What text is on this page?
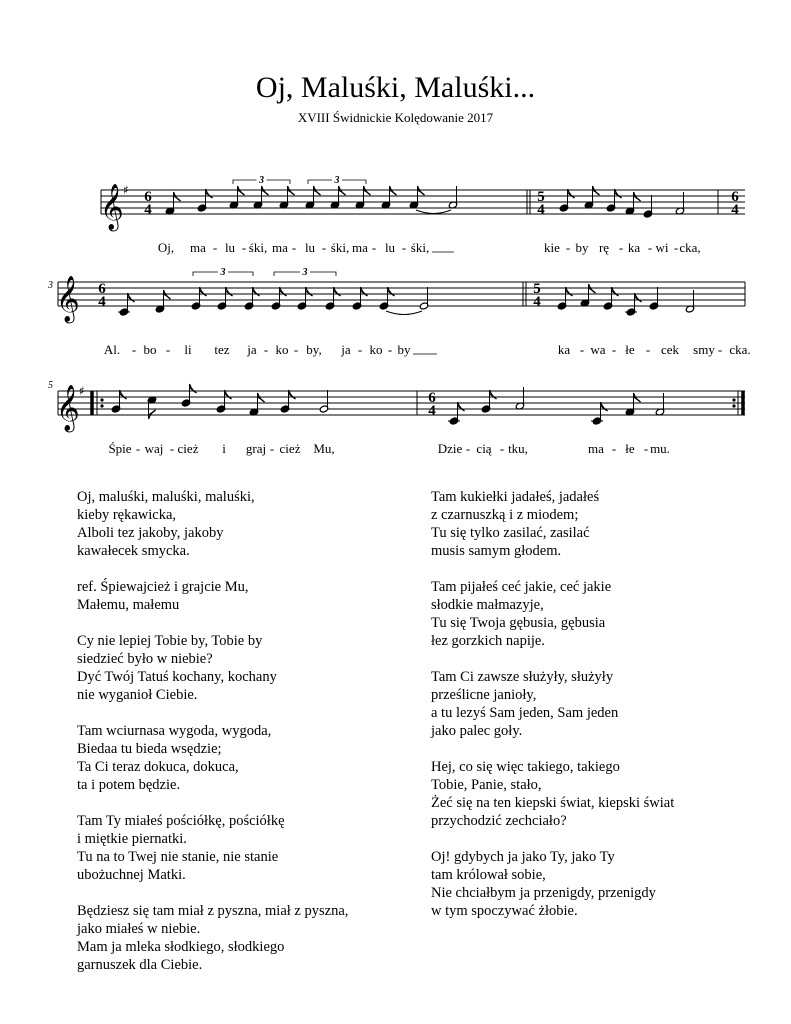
Oj, Maluśki, Maluśki...
XVIII Świdnickie Kolędowanie 2017
𝄞 ♯ 6
4
3	3
5
4
6
4
3 𝄞 6
4
3	3
5
4
5 𝄞 ♯	6
4
Oj, ma - lu - śki, ma - lu - śki, ma - lu - śki,	kie - by rę - ka - wi - cka,
Al. - bo - li tez ja - ko - by, ja - ko - by	ka - wa - łe - cek smy - cka.
Śpie - waj - cież i graj - cież Mu,	Dzie - cią - tku,	ma - łe - mu.
Oj, maluśki, maluśki, maluśki,
kieby rękawicka,
Alboli tez jakoby, jakoby
kawałecek smycka.
ref. Śpiewajcież i grajcie Mu,
Małemu, małemu
Cy nie lepiej Tobie by, Tobie by
siedzieć było w niebie?
Dyć Twój Tatuś kochany, kochany
nie wyganioł Ciebie.
Tam wciurnasa wygoda, wygoda,
Biedaa tu bieda wsędzie;
Ta Ci teraz dokuca, dokuca,
ta i potem będzie.
Tam Ty miałeś pościółkę, pościółkę
i miętkie piernatki.
Tu na to Twej nie stanie, nie stanie
ubożuchnej Matki.
Będziesz się tam miał z pyszna, miał z pyszna,
jako miałeś w niebie.
Mam ja mleka słodkiego, słodkiego
garnuszek dla Ciebie.
Tam kukiełki jadałeś, jadałeś
z czarnuszką i z miodem;
Tu się tylko zasilać, zasilać
musis samym głodem.
Tam pijałeś ceć jakie, ceć jakie
słodkie małmazyje,
Tu się Twoja gębusia, gębusia
łez gorzkich napije.
Tam Ci zawsze służyły, służyły
prześlicne janioły,
a tu lezyś Sam jeden, Sam jeden
jako palec goły.
Hej, co się więc takiego, takiego
Tobie, Panie, stało,
Żeć się na ten kiepski świat, kiepski świat
przychodzić zechciało?
Oj! gdybych ja jako Ty, jako Ty
tam królował sobie,
Nie chciałbym ja przenigdy, przenigdy
w tym spoczywać żłobie.
